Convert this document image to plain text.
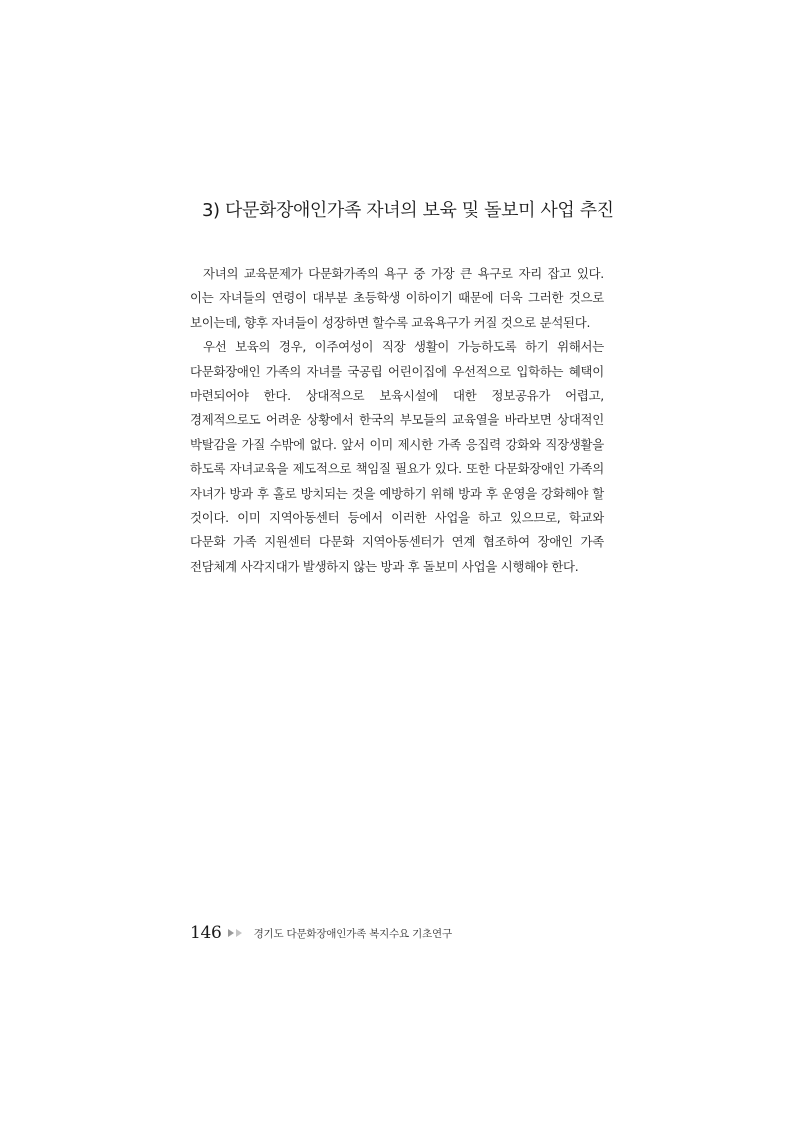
3) 다문화장애인가족 자녀의 보육 및 돌보미 사업 추진

자녀의 교육문제가 다문화가족의 욕구 중 가장 큰 욕구로 자리 잡고 있다. 이는 자녀들의 연령이 대부분 초등학생 이하이기 때문에 더욱 그러한 것으로 보이는데, 향후 자녀들이 성장하면 할수록 교육욕구가 커질 것으로 분석된다.

우선 보육의 경우, 이주여성이 직장 생활이 가능하도록 하기 위해서는 다문화장애인 가족의 자녀를 국공립 어린이집에 우선적으로 입학하는 혜택이 마련되어야 한다. 상대적으로 보육시설에 대한 정보공유가 어렵고, 경제적으로도 어려운 상황에서 한국의 부모들의 교육열을 바라보면 상대적인 박탈감을 가질 수밖에 없다. 앞서 이미 제시한 가족 응집력 강화와 직장생활을 하도록 자녀교육을 제도적으로 책임질 필요가 있다. 또한 다문화장애인 가족의 자녀가 방과 후 홀로 방치되는 것을 예방하기 위해 방과 후 운영을 강화해야 할 것이다. 이미 지역아동센터 등에서 이러한 사업을 하고 있으므로, 학교와 다문화 가족 지원센터 다문화 지역아동센터가 연계 협조하여 장애인 가족 전담체계 사각지대가 발생하지 않는 방과 후 돌보미 사업을 시행해야 한다.

146	경기도 다문화장애인가족 복지수요 기초연구
